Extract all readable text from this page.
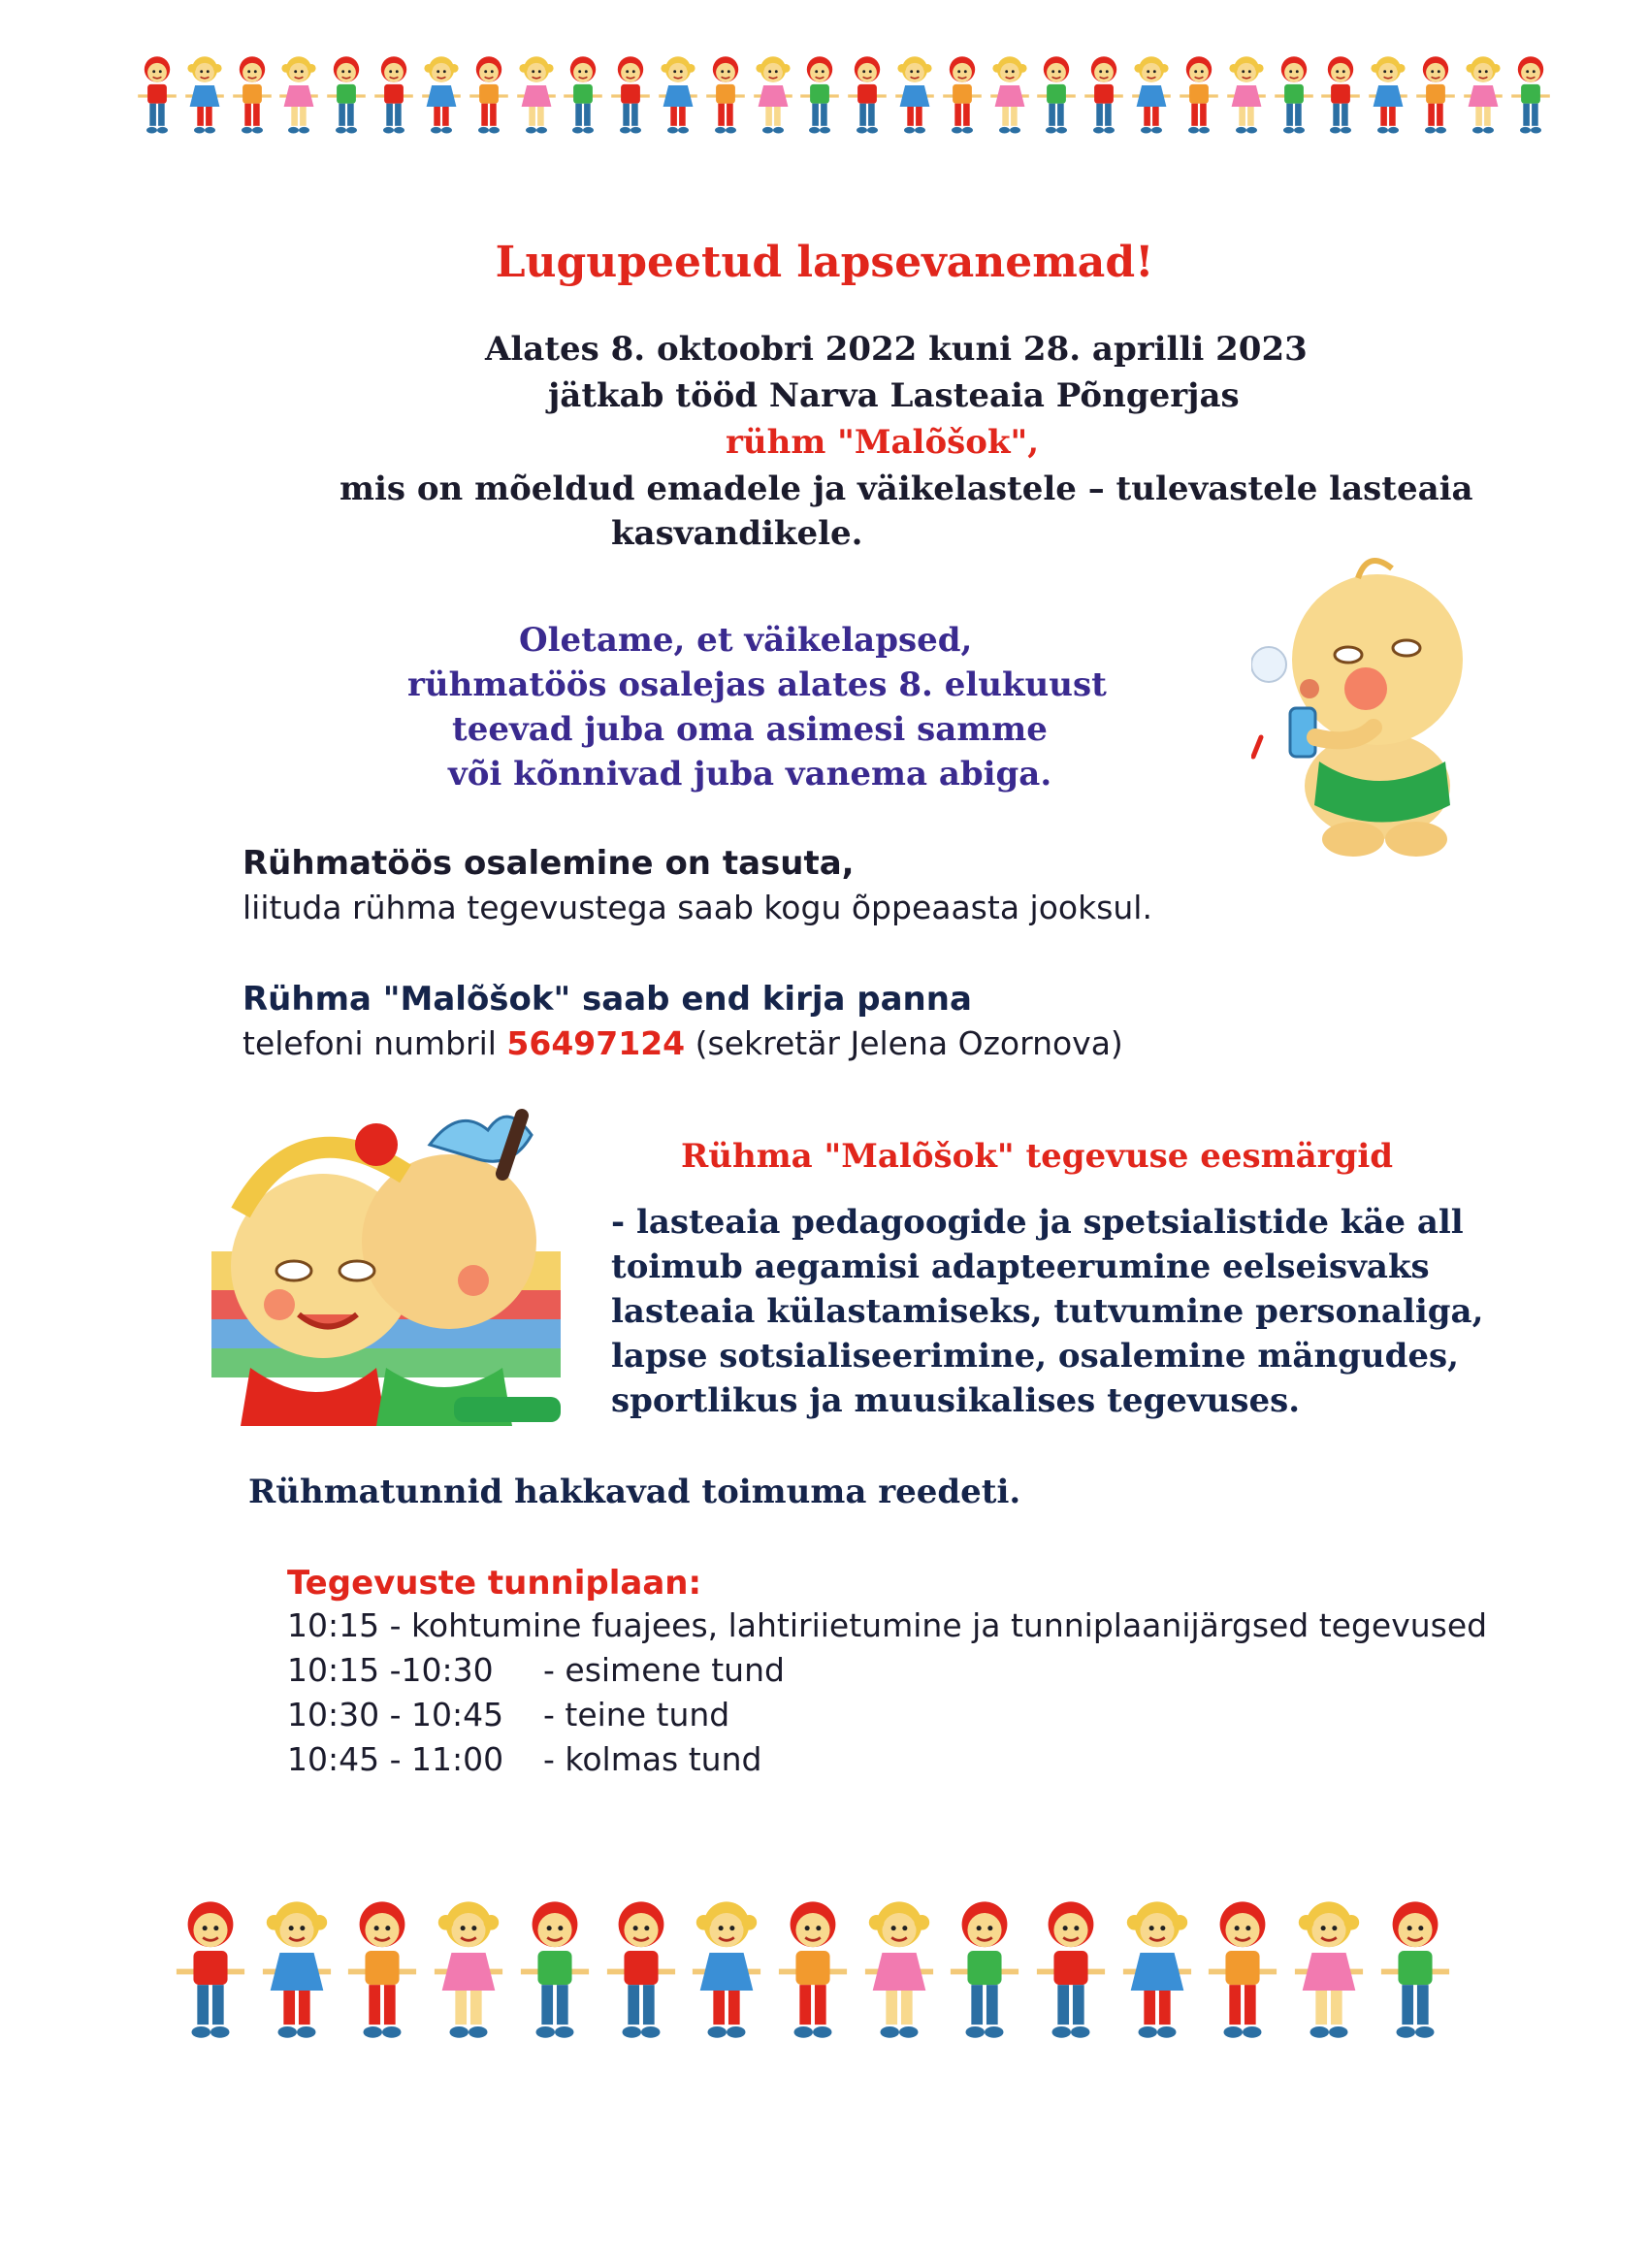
Lugupeetud lapsevanemad!
Alates 8. oktoobri 2022 kuni 28. aprilli 2023
jätkab tööd Narva Lasteaia Põngerjas
rühm "Malõšok",
mis on mõeldud emadele ja väikelastele – tulevastele lasteaia
kasvandikele.
Oletame, et väikelapsed,
rühmatöös osalejas alates 8. elukuust
teevad juba oma asimesi samme
või kõnnivad juba vanema abiga.
Rühmatöös osalemine on tasuta,
liituda rühma tegevustega saab kogu õppeaasta jooksul.
Rühma "Malõšok" saab end kirja panna
telefoni numbril 56497124 (sekretär Jelena Ozornova)
Rühma "Malõšok" tegevuse eesmärgid
- lasteaia pedagoogide ja spetsialistide käe all
toimub aegamisi adapteerumine eelseisvaks
lasteaia külastamiseks, tutvumine personaliga,
lapse sotsialiseerimine, osalemine mängudes,
sportlikus ja muusikalises tegevuses.
Rühmatunnid hakkavad toimuma reedeti.
Tegevuste tunniplaan:
10:15 - kohtumine fuajees, lahtiriietumine ja tunniplaanijärgsed tegevused
10:15 -10:30 - esimene tund
10:30 - 10:45 - teine tund
10:45 - 11:00 - kolmas tund
